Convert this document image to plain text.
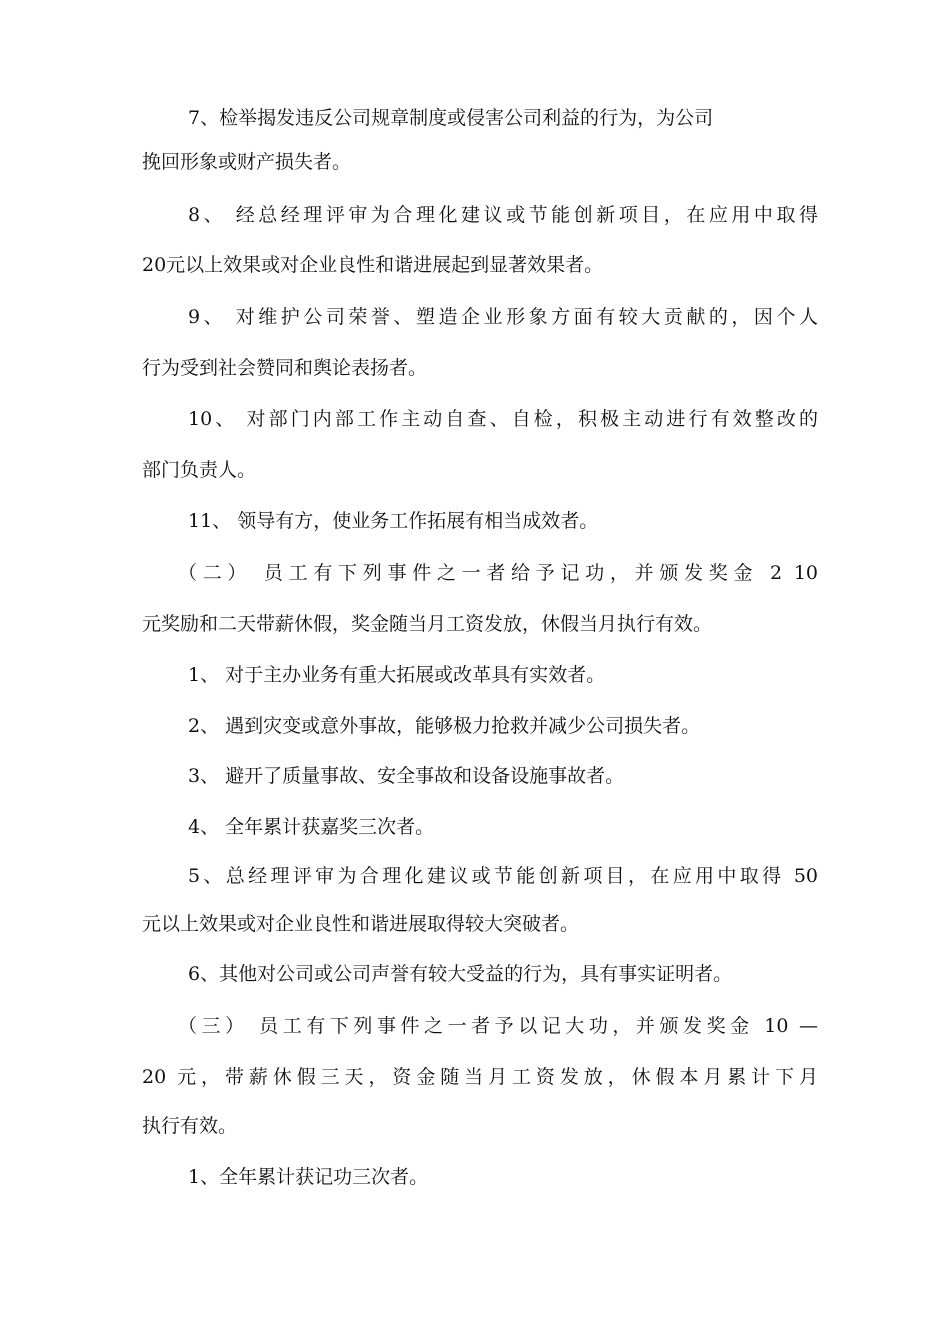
7、检举揭发违反公司规章制度或侵害公司利益的行为，为公司

挽回形象或财产损失者。

8、 经总经理评审为合理化建议或节能创新项目，在应用中取得

20元以上效果或对企业良性和谐进展起到显著效果者。

9、 对维护公司荣誉、塑造企业形象方面有较大贡献的，因个人

行为受到社会赞同和舆论表扬者。

10、 对部门内部工作主动自查、自检，积极主动进行有效整改的

部门负责人。

11、 领导有方，使业务工作拓展有相当成效者。

（二） 员工有下列事件之一者给予记功，并颁发奖金 2 10

元奖励和二天带薪休假，奖金随当月工资发放，休假当月执行有效。

1、 对于主办业务有重大拓展或改革具有实效者。

2、 遇到灾变或意外事故，能够极力抢救并减少公司损失者。

3、 避开了质量事故、安全事故和设备设施事故者。

4、 全年累计获嘉奖三次者。

5、总经理评审为合理化建议或节能创新项目，在应用中取得 50

元以上效果或对企业良性和谐进展取得较大突破者。

6、其他对公司或公司声誉有较大受益的行为，具有事实证明者。

（三） 员工有下列事件之一者予以记大功，并颁发奖金 10 —

20 元，带薪休假三天，资金随当月工资发放，休假本月累计下月

执行有效。

1、全年累计获记功三次者。
